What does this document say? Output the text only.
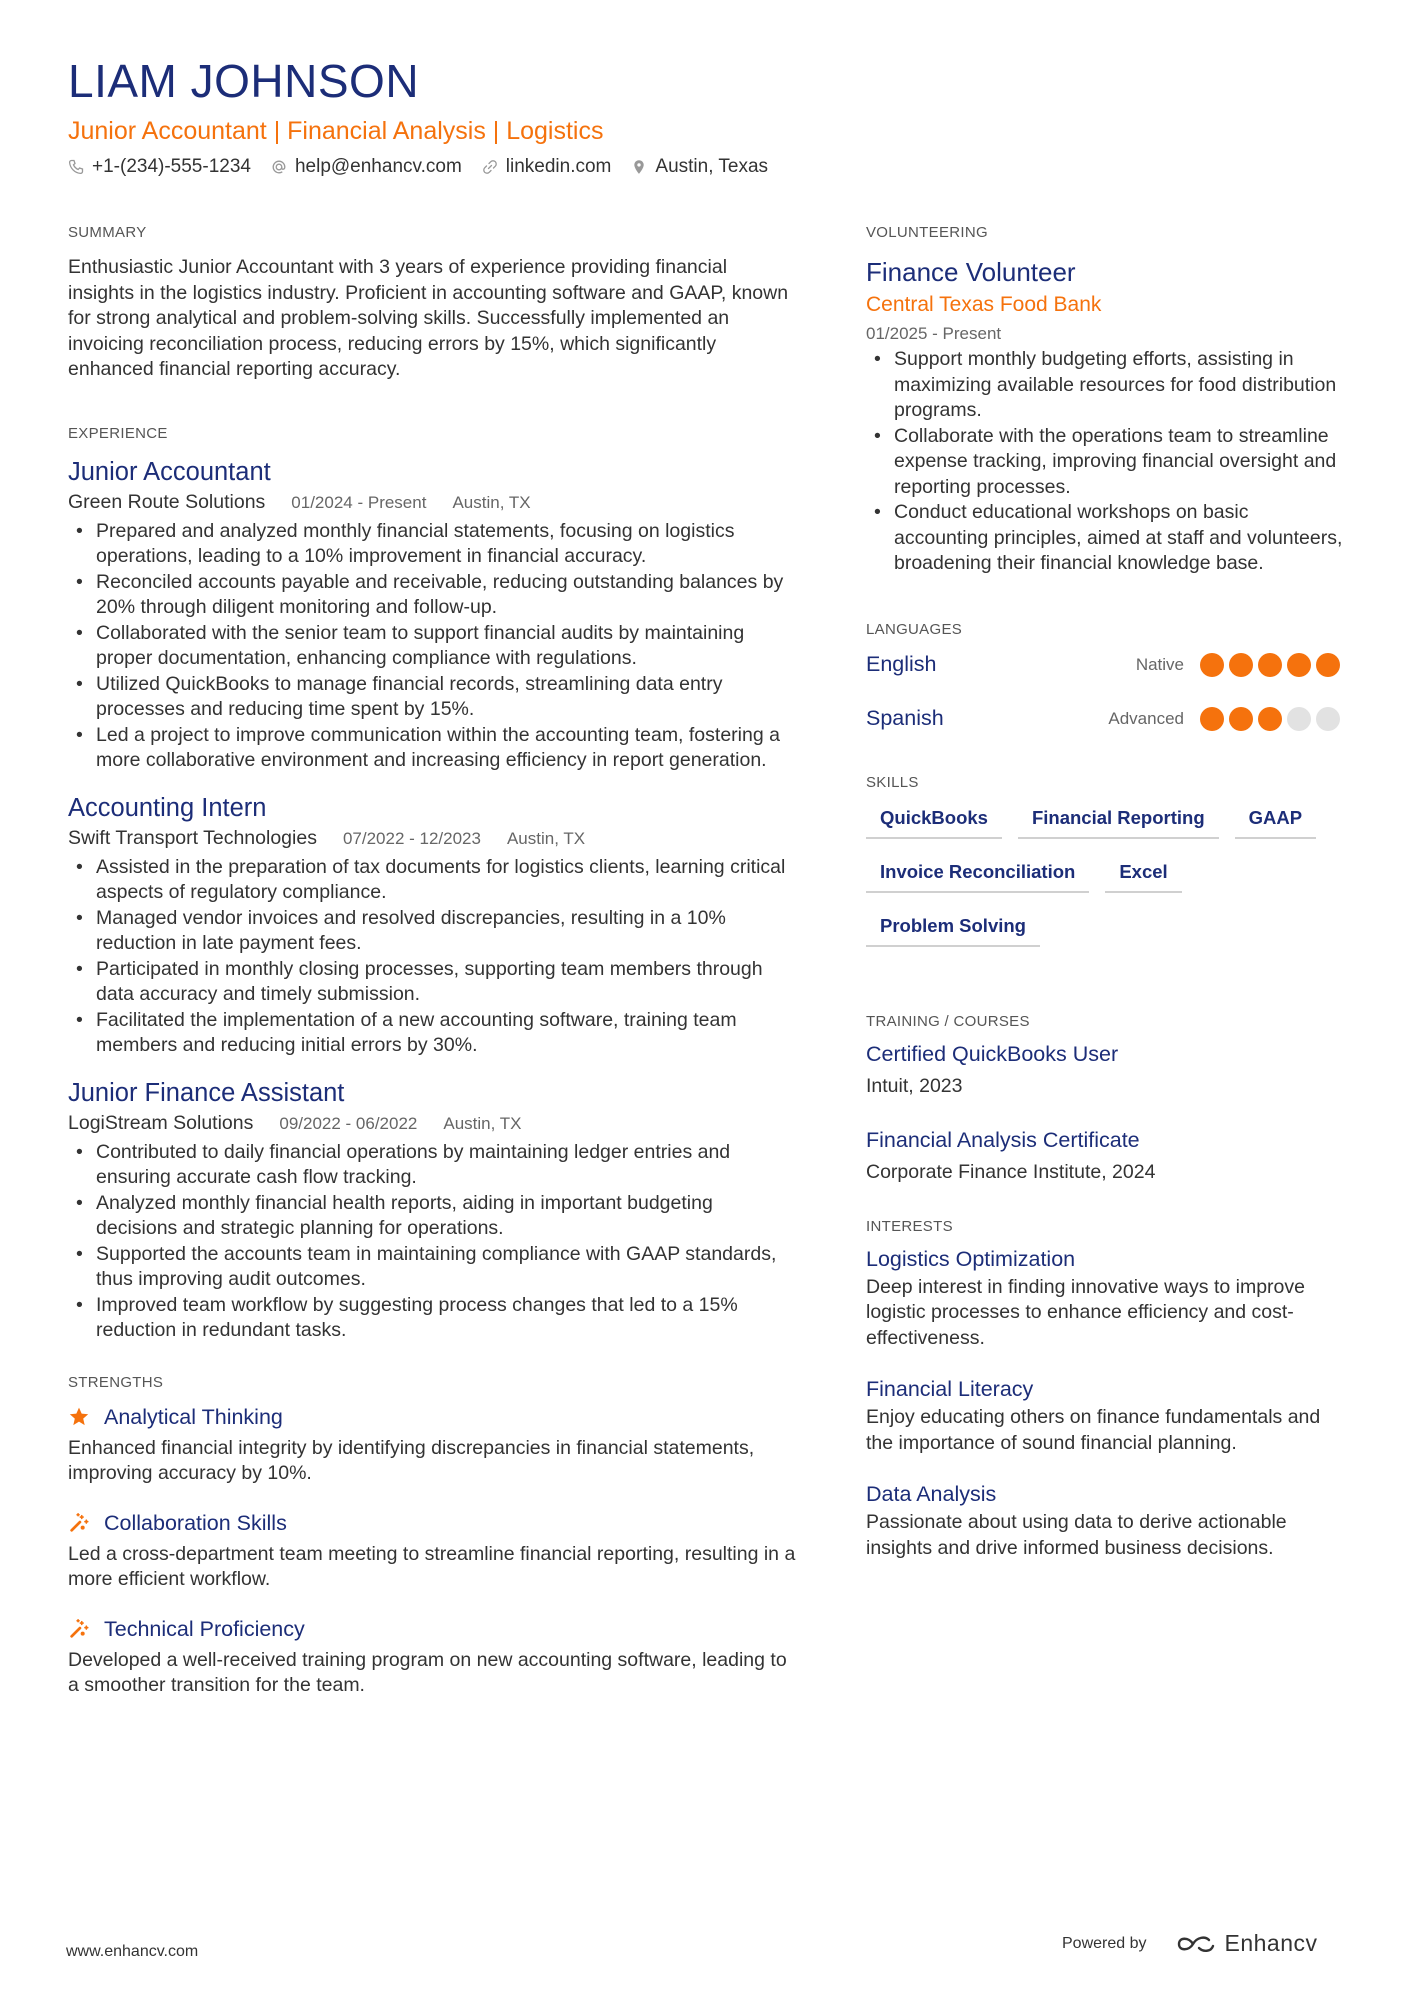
LIAM JOHNSON
Junior Accountant | Financial Analysis | Logistics
+1-(234)-555-1234 help@enhancv.com linkedin.com Austin, Texas
SUMMARY

Enthusiastic Junior Accountant with 3 years of experience providing financial insights in the logistics industry. Proficient in accounting software and GAAP, known for strong analytical and problem-solving skills. Successfully implemented an invoicing reconciliation process, reducing errors by 15%, which significantly enhanced financial reporting accuracy.

EXPERIENCE
Junior Accountant
Green Route Solutions 01/2024 - Present Austin, TX
• Prepared and analyzed monthly financial statements, focusing on logistics operations, leading to a 10% improvement in financial accuracy.
• Reconciled accounts payable and receivable, reducing outstanding balances by 20% through diligent monitoring and follow-up.
• Collaborated with the senior team to support financial audits by maintaining proper documentation, enhancing compliance with regulations.
• Utilized QuickBooks to manage financial records, streamlining data entry processes and reducing time spent by 15%.
• Led a project to improve communication within the accounting team, fostering a more collaborative environment and increasing efficiency in report generation.
Accounting Intern
Swift Transport Technologies 07/2022 - 12/2023 Austin, TX
• Assisted in the preparation of tax documents for logistics clients, learning critical aspects of regulatory compliance.
• Managed vendor invoices and resolved discrepancies, resulting in a 10% reduction in late payment fees.
• Participated in monthly closing processes, supporting team members through data accuracy and timely submission.
• Facilitated the implementation of a new accounting software, training team members and reducing initial errors by 30%.
Junior Finance Assistant
LogiStream Solutions 09/2022 - 06/2022 Austin, TX
• Contributed to daily financial operations by maintaining ledger entries and ensuring accurate cash flow tracking.
• Analyzed monthly financial health reports, aiding in important budgeting decisions and strategic planning for operations.
• Supported the accounts team in maintaining compliance with GAAP standards, thus improving audit outcomes.
• Improved team workflow by suggesting process changes that led to a 15% reduction in redundant tasks.
STRENGTHS
Analytical Thinking

Enhanced financial integrity by identifying discrepancies in financial statements, improving accuracy by 10%.

Collaboration Skills

Led a cross-department team meeting to streamline financial reporting, resulting in a more efficient workflow.

Technical Proficiency

Developed a well-received training program on new accounting software, leading to a smoother transition for the team.

VOLUNTEERING
Finance Volunteer
Central Texas Food Bank
01/2025 - Present
• Support monthly budgeting efforts, assisting in maximizing available resources for food distribution programs.
• Collaborate with the operations team to streamline expense tracking, improving financial oversight and reporting processes.
• Conduct educational workshops on basic accounting principles, aimed at staff and volunteers, broadening their financial knowledge base.
LANGUAGES
English	Native
Spanish	Advanced
SKILLS
QuickBooks	Financial Reporting	GAAP
Invoice Reconciliation	Excel
Problem Solving
TRAINING / COURSES
Certified QuickBooks User
Intuit, 2023
Financial Analysis Certificate
Corporate Finance Institute, 2024
INTERESTS
Logistics Optimization

Deep interest in finding innovative ways to improve logistic processes to enhance efficiency and cost-effectiveness.

Financial Literacy

Enjoy educating others on finance fundamentals and the importance of sound financial planning.

Data Analysis

Passionate about using data to derive actionable insights and drive informed business decisions.

www.enhancv.com	Powered by	Enhancv
